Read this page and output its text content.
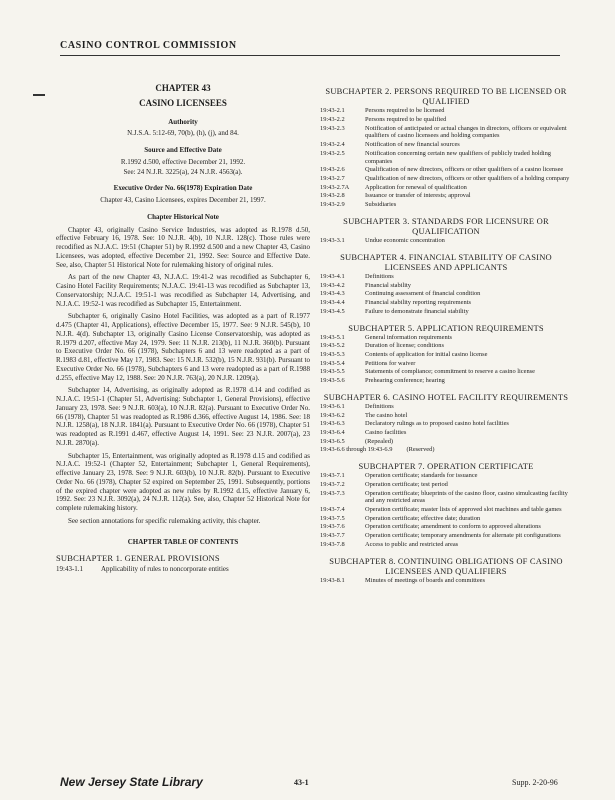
CASINO CONTROL COMMISSION
CHAPTER 43
CASINO LICENSEES
Authority
N.J.S.A. 5:12-69, 70(b), (h), (j), and 84.
Source and Effective Date
R.1992 d.500, effective December 21, 1992.
See: 24 N.J.R. 3225(a), 24 N.J.R. 4563(a).
Executive Order No. 66(1978) Expiration Date
Chapter 43, Casino Licensees, expires December 21, 1997.
Chapter Historical Note
Chapter 43, originally Casino Service Industries, was adopted as R.1978 d.50, effective February 16, 1978. See: 10 N.J.R. 4(b), 10 N.J.R. 128(c). Those rules were recodified as N.J.A.C. 19:51 (Chapter 51) by R.1992 d.500 and a new Chapter 43, Casino Licensees, was adopted, effective December 21, 1992. See: Source and Effective Date. See, also, Chapter 51 Historical Note for rulemaking history of original rules.
As part of the new Chapter 43, N.J.A.C. 19:41-2 was recodified as Subchapter 6, Casino Hotel Facility Requirements; N.J.A.C. 19:41-13 was recodified as Subchapter 13, Conservatorship; N.J.A.C. 19:51-1 was recodified as Subchapter 14, Advertising, and N.J.A.C. 19:52-1 was recodified as Subchapter 15, Entertainment.
Subchapter 6, originally Casino Hotel Facilities, was adopted as a part of R.1977 d.475 (Chapter 41, Applications), effective December 15, 1977. See: 9 N.J.R. 545(b), 10 N.J.R. 4(d). Subchapter 13, originally Casino License Conservatorship, was adopted as R.1979 d.207, effective May 24, 1979. See: 11 N.J.R. 213(b), 11 N.J.R. 360(b). Pursuant to Executive Order No. 66 (1978), Subchapters 6 and 13 were readopted as a part of R.1983 d.81, effective May 17, 1983. See: 15 N.J.R. 532(b), 15 N.J.R. 931(b). Pursuant to Executive Order No. 66 (1978), Subchapters 6 and 13 were readopted as a part of R.1988 d.255, effective May 12, 1988. See: 20 N.J.R. 763(a), 20 N.J.R. 1209(a).
Subchapter 14, Advertising, as originally adopted as R.1978 d.14 and codified as N.J.A.C. 19:51-1 (Chapter 51, Advertising: Subchapter 1, General Provisions), effective January 23, 1978. See: 9 N.J.R. 603(a), 10 N.J.R. 82(a). Pursuant to Executive Order No. 66 (1978), Chapter 51 was readopted as R.1986 d.366, effective August 14, 1986. See: 18 N.J.R. 1258(a), 18 N.J.R. 1841(a). Pursuant to Executive Order No. 66 (1978), Chapter 51 was readopted as R.1991 d.467, effective August 14, 1991. See: 23 N.J.R. 2007(a), 23 N.J.R. 2870(a).
Subchapter 15, Entertainment, was originally adopted as R.1978 d.15 and codified as N.J.A.C. 19:52-1 (Chapter 52, Entertainment; Subchapter 1, General Requirements), effective January 23, 1978. See: 9 N.J.R. 603(b), 10 N.J.R. 82(b). Pursuant to Executive Order No. 66 (1978), Chapter 52 expired on September 25, 1991. Subsequently, portions of the expired chapter were adopted as new rules by R.1992 d.15, effective January 6, 1992. See: 23 N.J.R. 3092(a), 24 N.J.R. 112(a). See, also, Chapter 52 Historical Note for complete rulemaking history.
See section annotations for specific rulemaking activity, this chapter.
CHAPTER TABLE OF CONTENTS
SUBCHAPTER 1. GENERAL PROVISIONS
19:43-1.1	Applicability of rules to noncorporate entities
SUBCHAPTER 2. PERSONS REQUIRED TO BE LICENSED OR QUALIFIED
19:43-2.1	Persons required to be licensed
19:43-2.2	Persons required to be qualified
19:43-2.3	Notification of anticipated or actual changes in directors, officers or equivalent qualifiers of casino licensees and holding companies
19:43-2.4	Notification of new financial sources
19:43-2.5	Notification concerning certain new qualifiers of publicly traded holding companies
19:43-2.6	Qualification of new directors, officers or other qualifiers of a casino licensee
19:43-2.7	Qualification of new directors, officers or other qualifiers of a holding company
19:43-2.7A	Application for renewal of qualification
19:43-2.8	Issuance or transfer of interests; approval
19:43-2.9	Subsidiaries
SUBCHAPTER 3. STANDARDS FOR LICENSURE OR QUALIFICATION
19:43-3.1	Undue economic concentration
SUBCHAPTER 4. FINANCIAL STABILITY OF CASINO LICENSEES AND APPLICANTS
19:43-4.1	Definitions
19:43-4.2	Financial stability
19:43-4.3	Continuing assessment of financial condition
19:43-4.4	Financial stability reporting requirements
19:43-4.5	Failure to demonstrate financial stability
SUBCHAPTER 5. APPLICATION REQUIREMENTS
19:43-5.1	General information requirements
19:43-5.2	Duration of license; conditions
19:43-5.3	Contents of application for initial casino license
19:43-5.4	Petitions for waiver
19:43-5.5	Statements of compliance; commitment to reserve a casino license
19:43-5.6	Prehearing conference; hearing
SUBCHAPTER 6. CASINO HOTEL FACILITY REQUIREMENTS
19:43-6.1	Definitions
19:43-6.2	The casino hotel
19:43-6.3	Declaratory rulings as to proposed casino hotel facilities
19:43-6.4	Casino facilities
19:43-6.5	(Repealed)
19:43-6.6 through 19:43-6.9 (Reserved)
SUBCHAPTER 7. OPERATION CERTIFICATE
19:43-7.1	Operation certificate; standards for issuance
19:43-7.2	Operation certificate; test period
19:43-7.3	Operation certificate; blueprints of the casino floor, casino simulcasting facility and any restricted areas
19:43-7.4	Operation certificate; master lists of approved slot machines and table games
19:43-7.5	Operation certificate; effective date; duration
19:43-7.6	Operation certificate; amendment to conform to approved alterations
19:43-7.7	Operation certificate; temporary amendments for alternate pit configurations
19:43-7.8	Access to public and restricted areas
SUBCHAPTER 8. CONTINUING OBLIGATIONS OF CASINO LICENSEES AND QUALIFIERS
19:43-8.1	Minutes of meetings of boards and committees
New Jersey State Library	43-1	Supp. 2-20-96
